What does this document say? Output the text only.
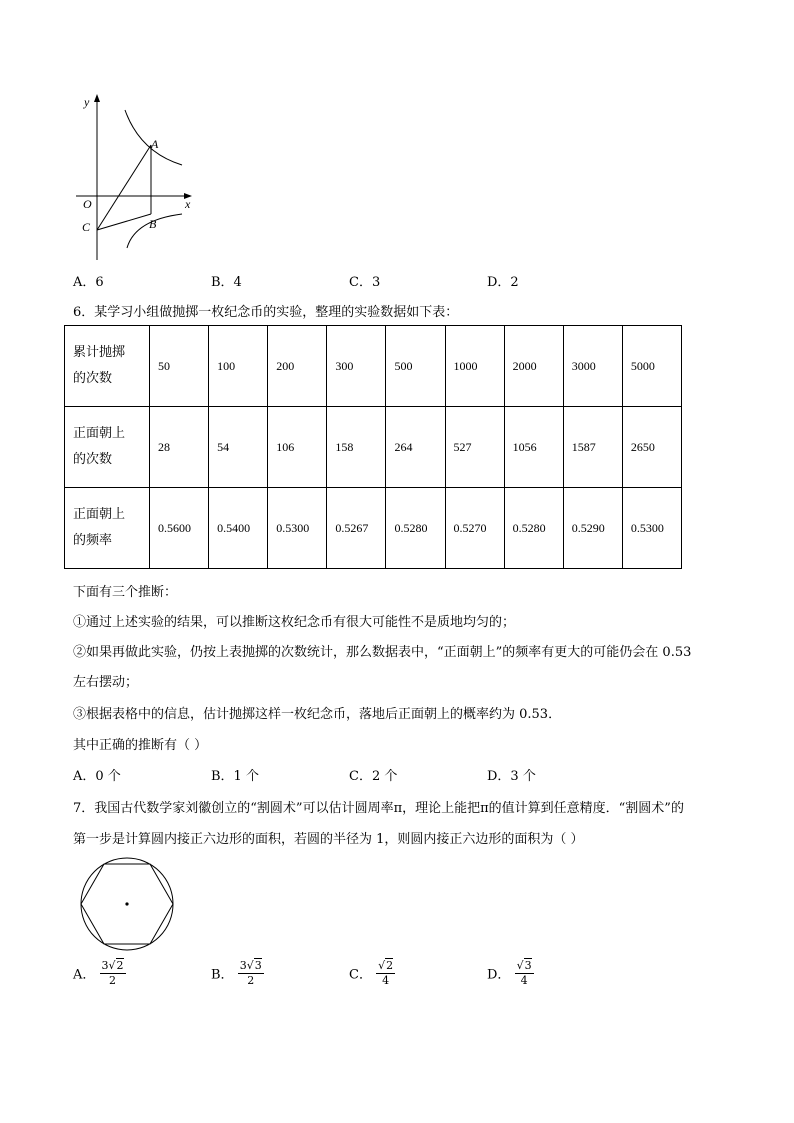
y
x
O
A
B
C
A．6	B．4	C．3	D．2
6．某学习小组做抛掷一枚纪念币的实验，整理的实验数据如下表：
累计抛掷
的次数	50	100	200	300	500	1000	2000	3000	5000
正面朝上
的次数	28	54	106	158	264	527	1056	1587	2650
正面朝上
的频率	0.5600	0.5400	0.5300	0.5267	0.5280	0.5270	0.5280	0.5290	0.5300
下面有三个推断：
①通过上述实验的结果，可以推断这枚纪念币有很大可能性不是质地均匀的；
②如果再做此实验，仍按上表抛掷的次数统计，那么数据表中，“正面朝上”的频率有更大的可能仍会在 0.53
左右摆动；
③根据表格中的信息，估计抛掷这样一枚纪念币，落地后正面朝上的概率约为 0.53．
其中正确的推断有（ ）
A．0 个	B．1 个	C．2 个	D．3 个
7．我国古代数学家刘徽创立的“割圆术”可以估计圆周率π，理论上能把π的值计算到任意精度．“割圆术”的
第一步是计算圆内接正六边形的面积，若圆的半径为 1，则圆内接正六边形的面积为（ ）
A． $\frac{3√2}{2}$	B． $\frac{3√3}{2}$	C． $\frac{√2}{4}$	D． $\frac{√3}{4}$
